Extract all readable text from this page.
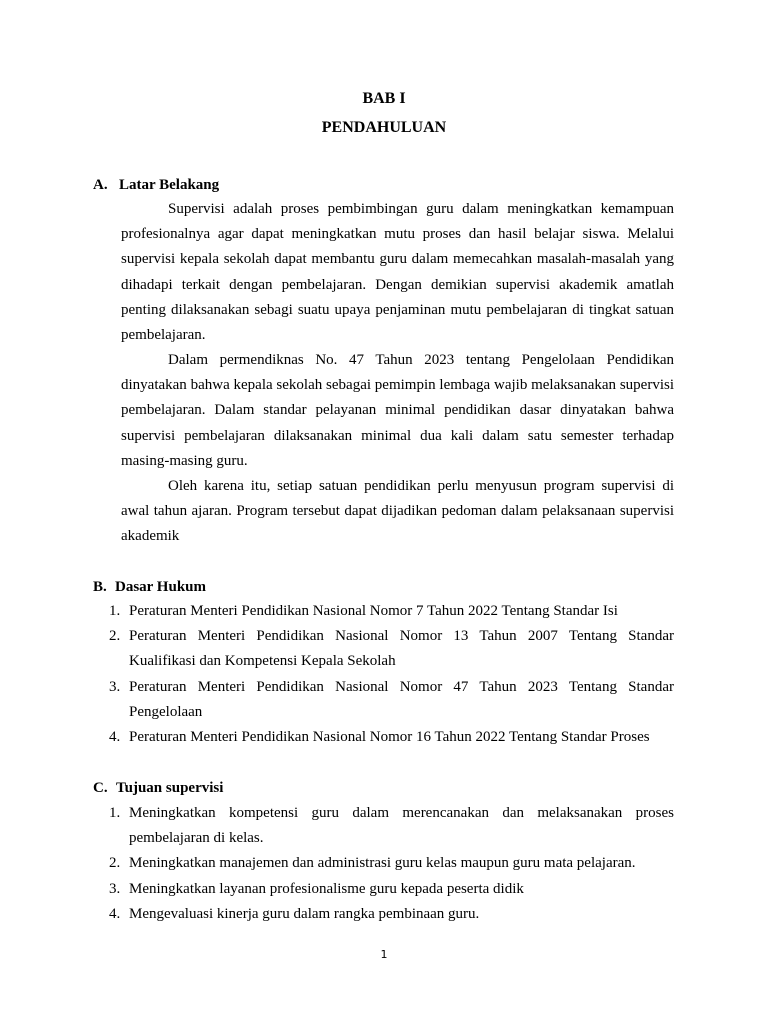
BAB I
PENDAHULUAN
A. Latar Belakang

Supervisi adalah proses pembimbingan guru dalam meningkatkan kemampuan profesionalnya agar dapat meningkatkan mutu proses dan hasil belajar siswa. Melalui supervisi kepala sekolah dapat membantu guru dalam memecahkan masalah-masalah yang dihadapi terkait dengan pembelajaran. Dengan demikian supervisi akademik amatlah penting dilaksanakan sebagi suatu upaya penjaminan mutu pembelajaran di tingkat satuan pembelajaran.

Dalam permendiknas No. 47 Tahun 2023 tentang Pengelolaan Pendidikan dinyatakan bahwa kepala sekolah sebagai pemimpin lembaga wajib melaksanakan supervisi pembelajaran. Dalam standar pelayanan minimal pendidikan dasar dinyatakan bahwa supervisi pembelajaran dilaksanakan minimal dua kali dalam satu semester terhadap masing-masing guru.

Oleh karena itu, setiap satuan pendidikan perlu menyusun program supervisi di awal tahun ajaran. Program tersebut dapat dijadikan pedoman dalam pelaksanaan supervisi akademik

B. Dasar Hukum
1. Peraturan Menteri Pendidikan Nasional Nomor 7 Tahun 2022 Tentang Standar Isi
2. Peraturan Menteri Pendidikan Nasional Nomor 13 Tahun 2007 Tentang Standar Kualifikasi dan Kompetensi Kepala Sekolah
3. Peraturan Menteri Pendidikan Nasional Nomor 47 Tahun 2023 Tentang Standar Pengelolaan
4. Peraturan Menteri Pendidikan Nasional Nomor 16 Tahun 2022 Tentang Standar Proses
C. Tujuan supervisi
1. Meningkatkan kompetensi guru dalam merencanakan dan melaksanakan proses pembelajaran di kelas.
2. Meningkatkan manajemen dan administrasi guru kelas maupun guru mata pelajaran.
3. Meningkatkan layanan profesionalisme guru kepada peserta didik
4. Mengevaluasi kinerja guru dalam rangka pembinaan guru.
1
